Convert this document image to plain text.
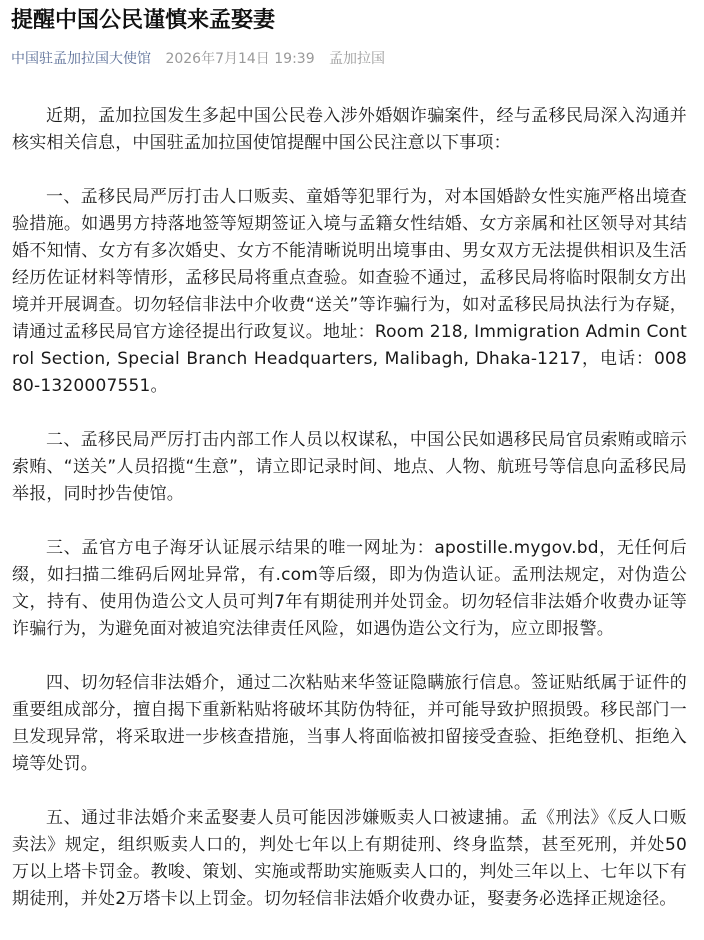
提醒中国公民谨慎来孟娶妻
中国驻孟加拉国大使馆 2026年7月14日 19:39 孟加拉国

近期，孟加拉国发生多起中国公民卷入涉外婚姻诈骗案件，经与孟移民局深入沟通并核实相关信息，中国驻孟加拉国使馆提醒中国公民注意以下事项：

一、孟移民局严厉打击人口贩卖、童婚等犯罪行为，对本国婚龄女性实施严格出境查验措施。如遇男方持落地签等短期签证入境与孟籍女性结婚、女方亲属和社区领导对其结婚不知情、女方有多次婚史、女方不能清晰说明出境事由、男女双方无法提供相识及生活经历佐证材料等情形，孟移民局将重点查验。如查验不通过，孟移民局将临时限制女方出境并开展调查。切勿轻信非法中介收费“送关”等诈骗行为，如对孟移民局执法行为存疑，请通过孟移民局官方途径提出行政复议。地址：Room 218, Immigration Admin Control Section, Special Branch Headquarters, Malibagh, Dhaka-1217，电话：00880-1320007551。

二、孟移民局严厉打击内部工作人员以权谋私，中国公民如遇移民局官员索贿或暗示索贿、“送关”人员招揽“生意”，请立即记录时间、地点、人物、航班号等信息向孟移民局举报，同时抄告使馆。

三、孟官方电子海牙认证展示结果的唯一网址为：apostille.mygov.bd，无任何后缀，如扫描二维码后网址异常，有.com等后缀，即为伪造认证。孟刑法规定，对伪造公文，持有、使用伪造公文人员可判7年有期徒刑并处罚金。切勿轻信非法婚介收费办证等诈骗行为，为避免面对被追究法律责任风险，如遇伪造公文行为，应立即报警。

四、切勿轻信非法婚介，通过二次粘贴来华签证隐瞒旅行信息。签证贴纸属于证件的重要组成部分，擅自揭下重新粘贴将破坏其防伪特征，并可能导致护照损毁。移民部门一旦发现异常，将采取进一步核查措施，当事人将面临被扣留接受查验、拒绝登机、拒绝入境等处罚。

五、通过非法婚介来孟娶妻人员可能因涉嫌贩卖人口被逮捕。孟《刑法》《反人口贩卖法》规定，组织贩卖人口的，判处七年以上有期徒刑、终身监禁，甚至死刑，并处50万以上塔卡罚金。教唆、策划、实施或帮助实施贩卖人口的，判处三年以上、七年以下有期徒刑，并处2万塔卡以上罚金。切勿轻信非法婚介收费办证，娶妻务必选择正规途径。
